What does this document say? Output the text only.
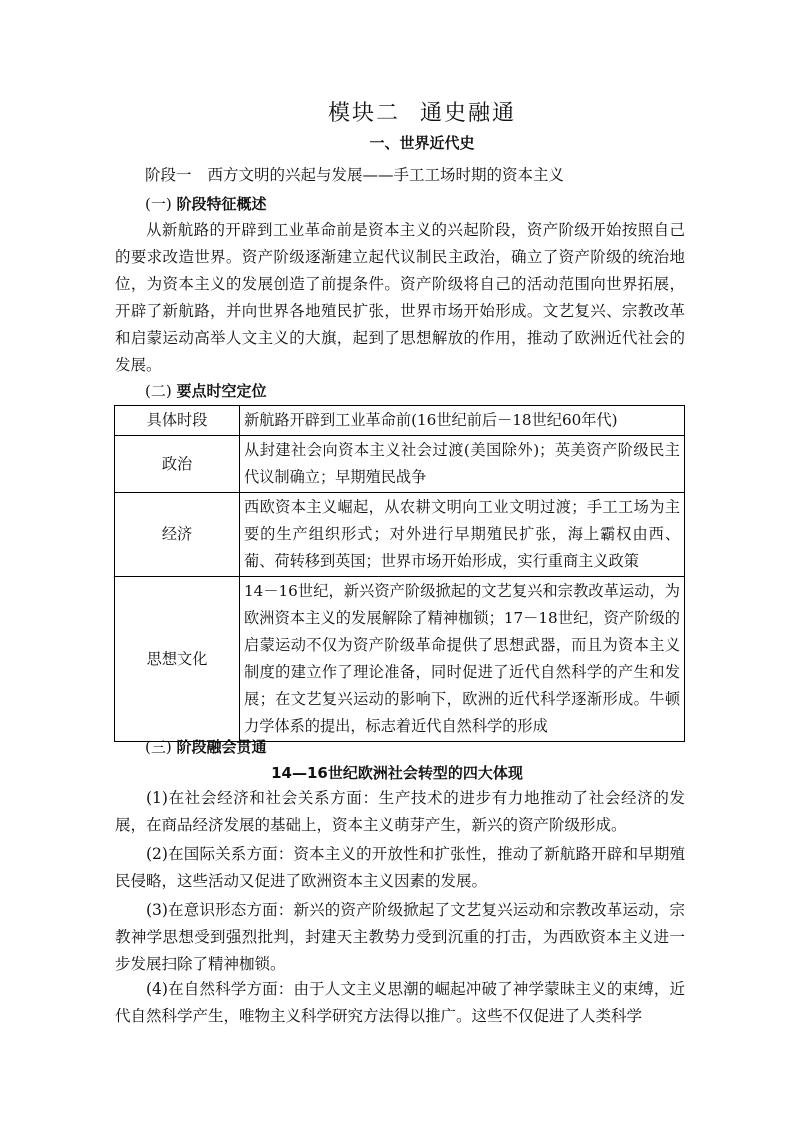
模块二 通史融通
一、世界近代史
阶段一 西方文明的兴起与发展——手工工场时期的资本主义
(一) 阶段特征概述

从新航路的开辟到工业革命前是资本主义的兴起阶段，资产阶级开始按照自己的要求改造世界。资产阶级逐渐建立起代议制民主政治，确立了资产阶级的统治地位，为资本主义的发展创造了前提条件。资产阶级将自己的活动范围向世界拓展，开辟了新航路，并向世界各地殖民扩张，世界市场开始形成。文艺复兴、宗教改革和启蒙运动高举人文主义的大旗，起到了思想解放的作用，推动了欧洲近代社会的发展。

(二) 要点时空定位
具体时段	新航路开辟到工业革命前(16世纪前后－18世纪60年代)
政治	从封建社会向资本主义社会过渡(美国除外)；英美资产阶级民主代议制确立；早期殖民战争
经济	西欧资本主义崛起，从农耕文明向工业文明过渡；手工工场为主要的生产组织形式；对外进行早期殖民扩张，海上霸权由西、葡、荷转移到英国；世界市场开始形成，实行重商主义政策
思想文化	14－16世纪，新兴资产阶级掀起的文艺复兴和宗教改革运动，为欧洲资本主义的发展解除了精神枷锁；17－18世纪，资产阶级的启蒙运动不仅为资产阶级革命提供了思想武器，而且为资本主义制度的建立作了理论准备，同时促进了近代自然科学的产生和发展；在文艺复兴运动的影响下，欧洲的近代科学逐渐形成。牛顿力学体系的提出，标志着近代自然科学的形成
(三) 阶段融会贯通
14—16世纪欧洲社会转型的四大体现

(1)在社会经济和社会关系方面：生产技术的进步有力地推动了社会经济的发展，在商品经济发展的基础上，资本主义萌芽产生，新兴的资产阶级形成。

(2)在国际关系方面：资本主义的开放性和扩张性，推动了新航路开辟和早期殖民侵略，这些活动又促进了欧洲资本主义因素的发展。

(3)在意识形态方面：新兴的资产阶级掀起了文艺复兴运动和宗教改革运动，宗教神学思想受到强烈批判，封建天主教势力受到沉重的打击，为西欧资本主义进一步发展扫除了精神枷锁。

(4)在自然科学方面：由于人文主义思潮的崛起冲破了神学蒙昧主义的束缚，近代自然科学产生，唯物主义科学研究方法得以推广。这些不仅促进了人类科学
